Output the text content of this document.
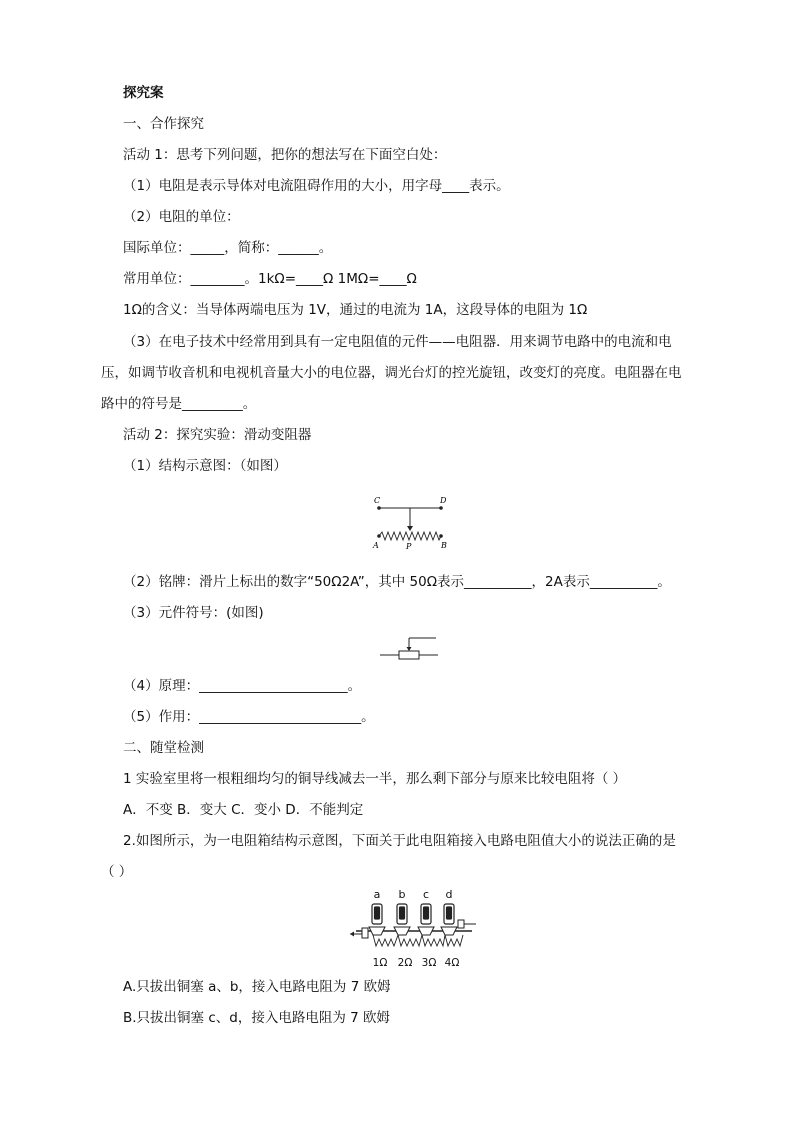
探究案
一、合作探究
活动 1：思考下列问题，把你的想法写在下面空白处：
（1）电阻是表示导体对电流阻碍作用的大小，用字母____表示。
（2）电阻的单位：
国际单位：_____，简称：______。
常用单位：________。1kΩ=____Ω 1MΩ=____Ω
1Ω的含义：当导体两端电压为 1V，通过的电流为 1A，这段导体的电阻为 1Ω
（3）在电子技术中经常用到具有一定电阻值的元件——电阻器．用来调节电路中的电流和电
压，如调节收音机和电视机音量大小的电位器，调光台灯的控光旋钮，改变灯的亮度。电阻器在电
路中的符号是_________。
活动 2：探究实验：滑动变阻器
（1）结构示意图：（如图）
C	D
A	P	B
（2）铭牌：滑片上标出的数字“50Ω2A”，其中 50Ω表示__________，2A表示__________。
（3）元件符号：(如图)
（4）原理：______________________。
（5）作用：________________________。
二、随堂检测
1 实验室里将一根粗细均匀的铜导线减去一半，那么剩下部分与原来比较电阻将（ ）
A．不变 B．变大 C．变小 D．不能判定
2.如图所示，为一电阻箱结构示意图，下面关于此电阻箱接入电路电阻值大小的说法正确的是
（ ）
a b c d
1Ω 2Ω 3Ω 4Ω
A.只拔出铜塞 a、b，接入电路电阻为 7 欧姆
B.只拔出铜塞 c、d，接入电路电阻为 7 欧姆
